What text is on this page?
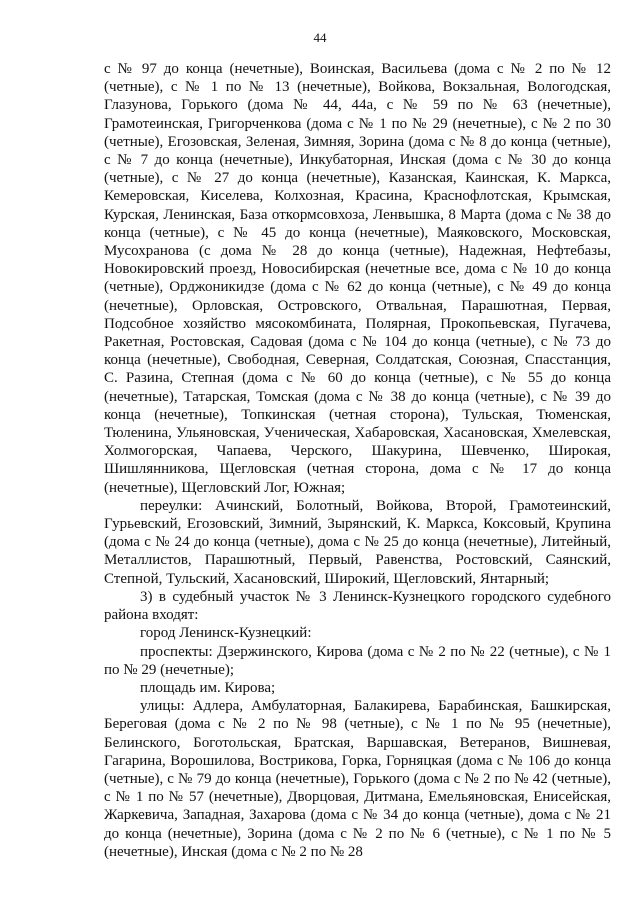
44

с № 97 до конца (нечетные), Воинская, Васильева (дома с № 2 по № 12 (четные), с № 1 по № 13 (нечетные), Войкова, Вокзальная, Вологодская, Глазунова, Горького (дома № 44, 44а, с № 59 по № 63 (нечетные), Грамотеинская, Григорченкова (дома с № 1 по № 29 (нечетные), с № 2 по 30 (четные), Егозовская, Зеленая, Зимняя, Зорина (дома с № 8 до конца (четные), с № 7 до конца (нечетные), Инкубаторная, Инская (дома с № 30 до конца (четные), с № 27 до конца (нечетные), Казанская, Каинская, К. Маркса, Кемеровская, Киселева, Колхозная, Красина, Краснофлотская, Крымская, Курская, Ленинская, База откормсовхоза, Ленвышка, 8 Марта (дома с № 38 до конца (четные), с № 45 до конца (нечетные), Маяковского, Московская, Мусохранова (с дома № 28 до конца (четные), Надежная, Нефтебазы, Новокировский проезд, Новосибирская (нечетные все, дома с № 10 до конца (четные), Орджоникидзе (дома с № 62 до конца (четные), с № 49 до конца (нечетные), Орловская, Островского, Отвальная, Парашютная, Первая, Подсобное хозяйство мясокомбината, Полярная, Прокопьевская, Пугачева, Ракетная, Ростовская, Садовая (дома с № 104 до конца (четные), с № 73 до конца (нечетные), Свободная, Северная, Солдатская, Союзная, Спасстанция, С. Разина, Степная (дома с № 60 до конца (четные), с № 55 до конца (нечетные), Татарская, Томская (дома с № 38 до конца (четные), с № 39 до конца (нечетные), Топкинская (четная сторона), Тульская, Тюменская, Тюленина, Ульяновская, Ученическая, Хабаровская, Хасановская, Хмелевская, Холмогорская, Чапаева, Черского, Шакурина, Шевченко, Широкая, Шишлянникова, Щегловская (четная сторона, дома с № 17 до конца (нечетные), Щегловский Лог, Южная;

переулки: Ачинский, Болотный, Войкова, Второй, Грамотеинский, Гурьевский, Егозовский, Зимний, Зырянский, К. Маркса, Коксовый, Крупина (дома с № 24 до конца (четные), дома с № 25 до конца (нечетные), Литейный, Металлистов, Парашютный, Первый, Равенства, Ростовский, Саянский, Степной, Тульский, Хасановский, Широкий, Щегловский, Янтарный;

3) в судебный участок № 3 Ленинск-Кузнецкого городского судебного района входят:

город Ленинск-Кузнецкий:

проспекты: Дзержинского, Кирова (дома с № 2 по № 22 (четные), с № 1 по № 29 (нечетные);

площадь им. Кирова;

улицы: Адлера, Амбулаторная, Балакирева, Барабинская, Башкирская, Береговая (дома с № 2 по № 98 (четные), с № 1 по № 95 (нечетные), Белинского, Боготольская, Братская, Варшавская, Ветеранов, Вишневая, Гагарина, Ворошилова, Вострикова, Горка, Горняцкая (дома с № 106 до конца (четные), с № 79 до конца (нечетные), Горького (дома с № 2 по № 42 (четные), с № 1 по № 57 (нечетные), Дворцовая, Дитмана, Емельяновская, Енисейская, Жаркевича, Западная, Захарова (дома с № 34 до конца (четные), дома с № 21 до конца (нечетные), Зорина (дома с № 2 по № 6 (четные), с № 1 по № 5 (нечетные), Инская (дома с № 2 по № 28
